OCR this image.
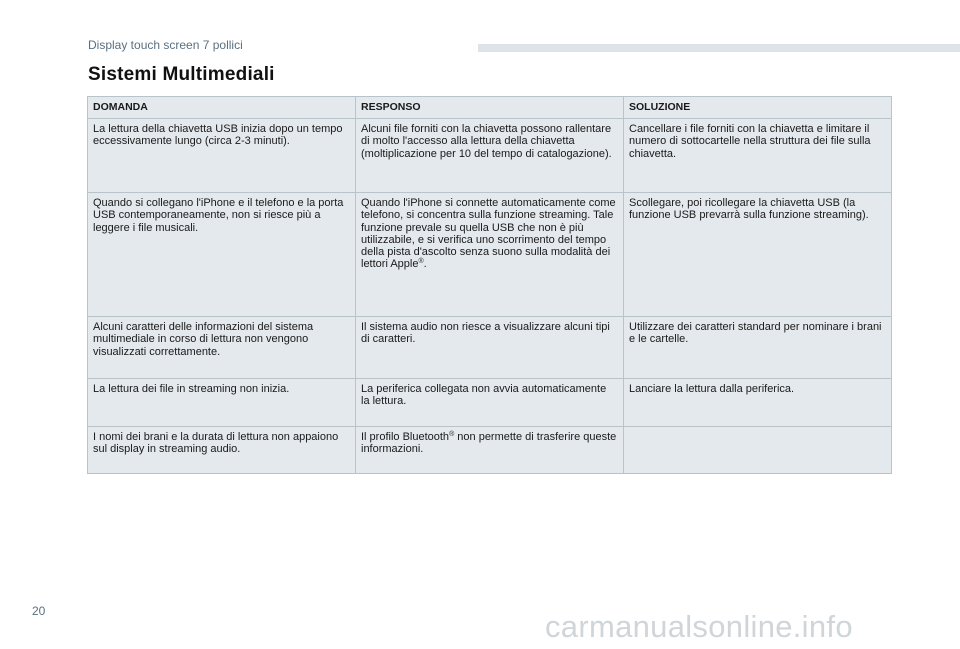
Display touch screen 7 pollici
Sistemi Multimediali
DOMANDA	RESPONSO	SOLUZIONE
La lettura della chiavetta USB inizia dopo un tempo eccessivamente lungo (circa 2-3 minuti).	Alcuni file forniti con la chiavetta possono rallentare di molto l'accesso alla lettura della chiavetta (moltiplicazione per 10 del tempo di catalogazione).	Cancellare i file forniti con la chiavetta e limitare il numero di sottocartelle nella struttura dei file sulla chiavetta.
Quando si collegano l'iPhone e il telefono e la porta USB contemporaneamente, non si riesce più a leggere i file musicali.	Quando l'iPhone si connette automaticamente come telefono, si concentra sulla funzione streaming. Tale funzione prevale su quella USB che non è più utilizzabile, e si verifica uno scorrimento del tempo della pista d'ascolto senza suono sulla modalità dei lettori Apple®.	Scollegare, poi ricollegare la chiavetta USB (la funzione USB prevarrà sulla funzione streaming).
Alcuni caratteri delle informazioni del sistema multimediale in corso di lettura non vengono visualizzati correttamente.	Il sistema audio non riesce a visualizzare alcuni tipi di caratteri.	Utilizzare dei caratteri standard per nominare i brani e le cartelle.
La lettura dei file in streaming non inizia.	La periferica collegata non avvia automaticamente la lettura.	Lanciare la lettura dalla periferica.
I nomi dei brani e la durata di lettura non appaiono sul display in streaming audio.	Il profilo Bluetooth® non permette di trasferire queste informazioni.	
20	carmanualsonline.info
